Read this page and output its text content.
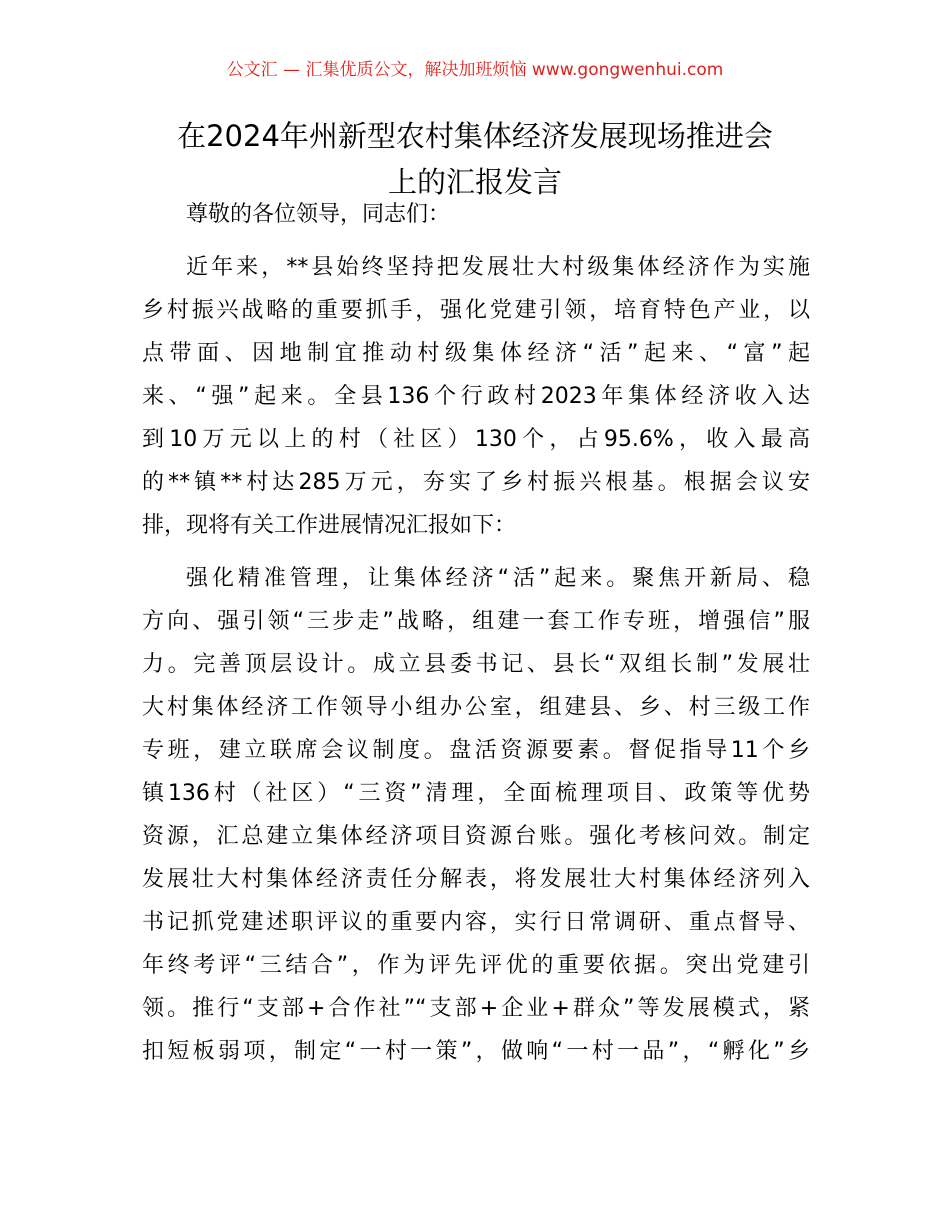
公文汇 — 汇集优质公文，解决加班烦恼 www.gongwenhui.com
在2024年州新型农村集体经济发展现场推进会
上的汇报发言

尊敬的各位领导，同志们：

近年来，**县始终坚持把发展壮大村级集体经济作为实施
乡村振兴战略的重要抓手，强化党建引领，培育特色产业，以
点带面、因地制宜推动村级集体经济“活”起来、“富”起
来、“强”起来。全县136个行政村2023年集体经济收入达
到10万元以上的村（社区）130个，占95.6%，收入最高
的**镇**村达285万元，夯实了乡村振兴根基。根据会议安
排，现将有关工作进展情况汇报如下：
强化精准管理，让集体经济“活”起来。聚焦开新局、稳
方向、强引领“三步走”战略，组建一套工作专班，增强信”服
力。完善顶层设计。成立县委书记、县长“双组长制”发展壮
大村集体经济工作领导小组办公室，组建县、乡、村三级工作
专班，建立联席会议制度。盘活资源要素。督促指导11个乡
镇136村（社区）“三资”清理，全面梳理项目、政策等优势
资源，汇总建立集体经济项目资源台账。强化考核问效。制定
发展壮大村集体经济责任分解表，将发展壮大村集体经济列入
书记抓党建述职评议的重要内容，实行日常调研、重点督导、
年终考评“三结合”，作为评先评优的重要依据。突出党建引
领。推行“支部+合作社”“支部+企业+群众”等发展模式，紧
扣短板弱项，制定“一村一策”，做响“一村一品”，“孵化”乡
